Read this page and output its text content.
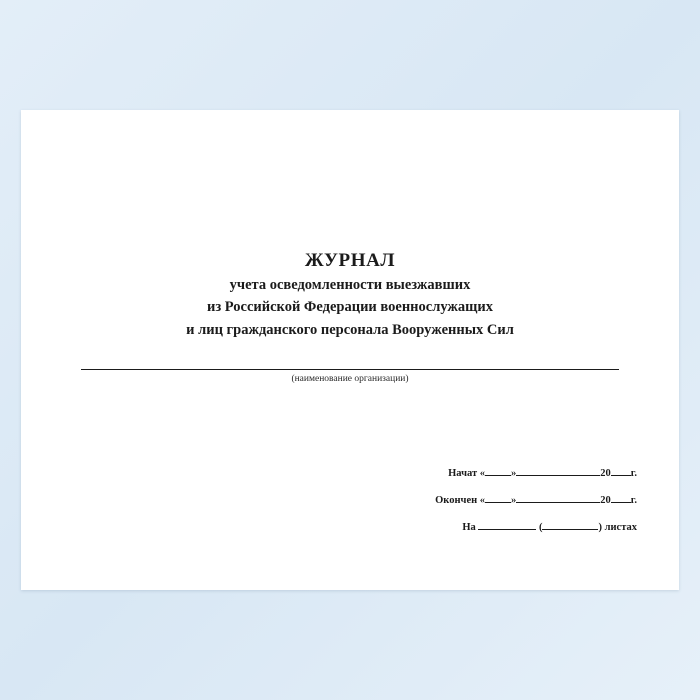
ЖУРНАЛ
учета осведомленности выезжавших
из Российской Федерации военнослужащих
и лиц гражданского персонала Вооруженных Сил
(наименование организации)
Начат « »	20 г.
Окончен « »	20 г.
На	(	) листах
